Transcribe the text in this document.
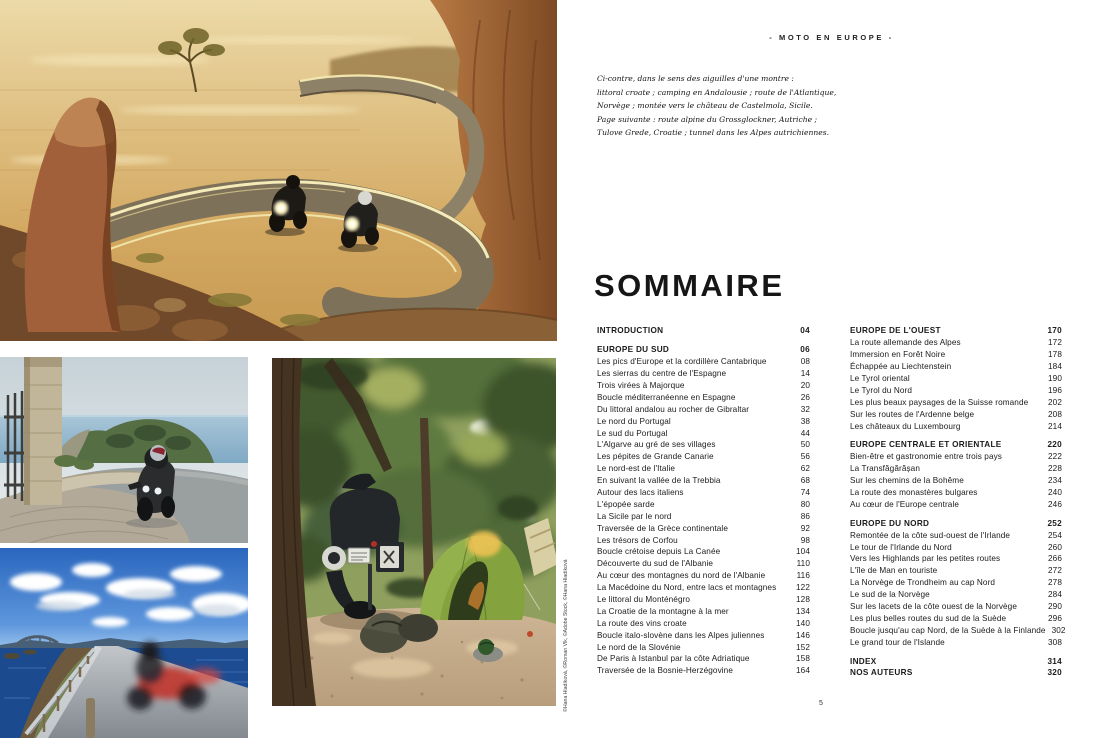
- MOTO EN EUROPE -
Ci-contre, dans le sens des aiguilles d'une montre :
littoral croate ; camping en Andalousie ; route de l'Atlantique,
Norvège ; montée vers le château de Castelmola, Sicile.
Page suivante : route alpine du Grossglockner, Autriche ;
Tulove Grede, Croatie ; tunnel dans les Alpes autrichiennes.
SOMMAIRE
INTRODUCTION	04
EUROPE DU SUD	06
Les pics d'Europe et la cordillère Cantabrique	08
Les sierras du centre de l'Espagne	14
Trois virées à Majorque	20
Boucle méditerranéenne en Espagne	26
Du littoral andalou au rocher de Gibraltar	32
Le nord du Portugal	38
Le sud du Portugal	44
L'Algarve au gré de ses villages	50
Les pépites de Grande Canarie	56
Le nord-est de l'Italie	62
En suivant la vallée de la Trebbia	68
Autour des lacs italiens	74
L'épopée sarde	80
La Sicile par le nord	86
Traversée de la Grèce continentale	92
Les trésors de Corfou	98
Boucle crétoise depuis La Canée	104
Découverte du sud de l'Albanie	110
Au cœur des montagnes du nord de l'Albanie	116
La Macédoine du Nord, entre lacs et montagnes 122
Le littoral du Monténégro	128
La Croatie de la montagne à la mer	134
La route des vins croate	140
Boucle italo-slovène dans les Alpes juliennes	146
Le nord de la Slovénie	152
De Paris à Istanbul par la côte Adriatique	158
Traversée de la Bosnie-Herzégovine	164
EUROPE DE L'OUEST	170
La route allemande des Alpes	172
Immersion en Forêt Noire	178
Échappée au Liechtenstein	184
Le Tyrol oriental	190
Le Tyrol du Nord	196
Les plus beaux paysages de la Suisse romande 202
Sur les routes de l'Ardenne belge	208
Les châteaux du Luxembourg	214
EUROPE CENTRALE ET ORIENTALE	220
Bien-être et gastronomie entre trois pays	222
La Transfăgărășan	228
Sur les chemins de la Bohême	234
La route des monastères bulgares	240
Au cœur de l'Europe centrale	246
EUROPE DU NORD	252
Remontée de la côte sud-ouest de l'Irlande	254
Le tour de l'Irlande du Nord	260
Vers les Highlands par les petites routes	266
L'île de Man en touriste	272
La Norvège de Trondheim au cap Nord	278
Le sud de la Norvège	284
Sur les lacets de la côte ouest de la Norvège	290
Les plus belles routes du sud de la Suède	296
Boucle jusqu'au cap Nord, de la Suède à la Finlande 302
Le grand tour de l'Islande	308
INDEX	314
NOS AUTEURS	320
5
©Hana Hladíková, ©Roman Vlk, ©Adobe Stock, ©Hana Hladíková
